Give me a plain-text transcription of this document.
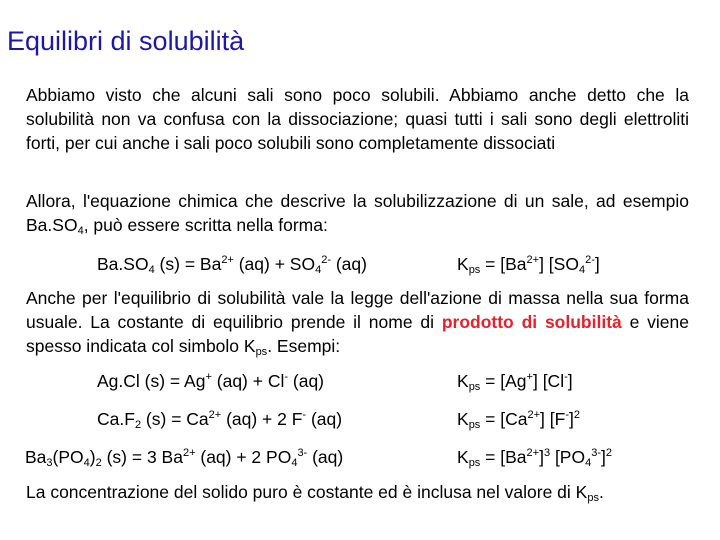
Equilibri di solubilità
Abbiamo visto che alcuni sali sono poco solubili. Abbiamo anche detto che la solubilità non va confusa con la dissociazione; quasi tutti i sali sono degli elettroliti forti, per cui anche i sali poco solubili sono completamente dissociati
Allora, l'equazione chimica che descrive la solubilizzazione di un sale, ad esempio $Ba.SO_4$, può essere scritta nella forma:
$Ba.SO_4$ $(s) = Ba^{2+}$ $(aq) + SO_4^{2-}$ (aq)	$K_{ps} = [Ba^{2+}]$ $[SO_4^{2-}]$
Anche per l'equilibrio di solubilità vale la legge dell'azione di massa nella sua forma usuale. La costante di equilibrio prende il nome di prodotto di solubilità e viene spesso indicata col simbolo $K_{ps}$. Esempi:
Ag.Cl (s) = Ag+ (aq) + Cl- (aq)	$K_{ps} = [Ag^+]$ [Cl-]
$Ca.F_2$ $(s) = Ca^{2+}$ (aq) + 2 F- (aq)	$K_{ps} = [Ca^{2+}]$ $[F^-]^2$
$Ba_3(PO_4)_2$ (s) = 3 $Ba^{2+}$ (aq) + 2 $PO_4^{3-}$ (aq)	$K_{ps} = [Ba^{2+}]^3$ $[PO_4^{3-}]^2$
La concentrazione del solido puro è costante ed è inclusa nel valore di $K_{ps}$.
